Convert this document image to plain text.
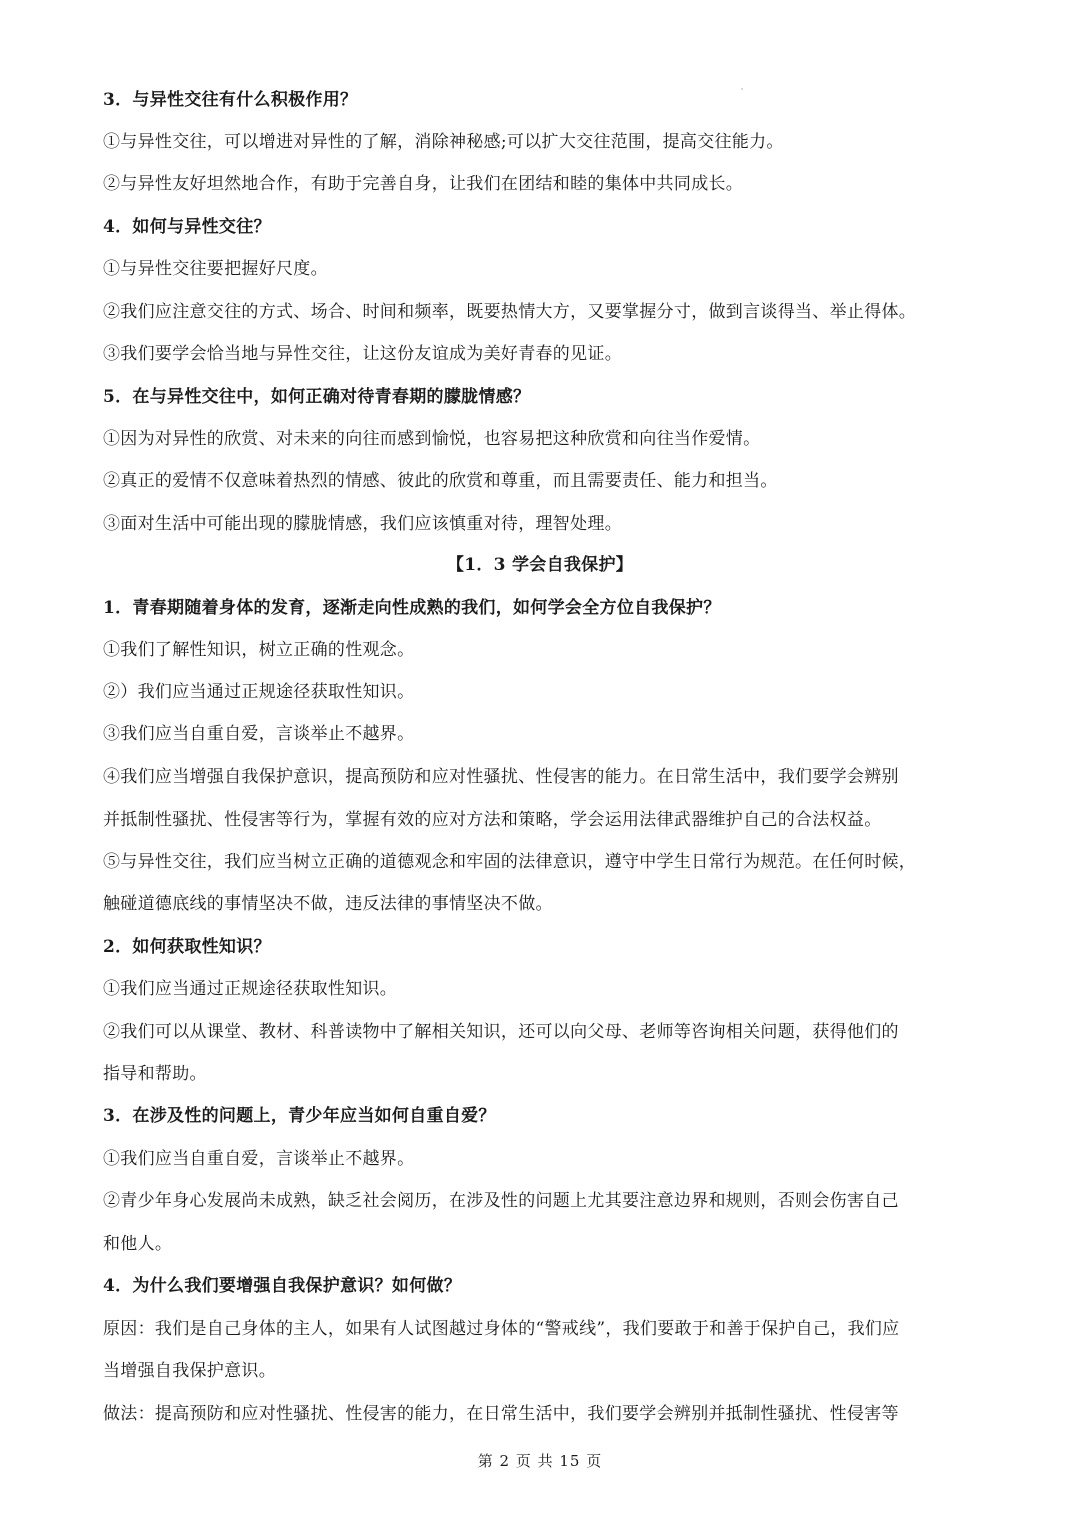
3．与异性交往有什么积极作用？
①与异性交往，可以增进对异性的了解，消除神秘感;可以扩大交往范围，提高交往能力。
②与异性友好坦然地合作，有助于完善自身，让我们在团结和睦的集体中共同成长。
4．如何与异性交往？
①与异性交往要把握好尺度。
②我们应注意交往的方式、场合、时间和频率，既要热情大方，又要掌握分寸，做到言谈得当、举止得体。
③我们要学会恰当地与异性交往，让这份友谊成为美好青春的见证。
5．在与异性交往中，如何正确对待青春期的朦胧情感？
①因为对异性的欣赏、对未来的向往而感到愉悦，也容易把这种欣赏和向往当作爱情。
②真正的爱情不仅意味着热烈的情感、彼此的欣赏和尊重，而且需要责任、能力和担当。
③面对生活中可能出现的朦胧情感，我们应该慎重对待，理智处理。
【1．3 学会自我保护】
1．青春期随着身体的发育，逐渐走向性成熟的我们，如何学会全方位自我保护？
①我们了解性知识，树立正确的性观念。
②）我们应当通过正规途径获取性知识。
③我们应当自重自爱，言谈举止不越界。
④我们应当增强自我保护意识，提高预防和应对性骚扰、性侵害的能力。在日常生活中，我们要学会辨别
并抵制性骚扰、性侵害等行为，掌握有效的应对方法和策略，学会运用法律武器维护自己的合法权益。
⑤与异性交往，我们应当树立正确的道德观念和牢固的法律意识，遵守中学生日常行为规范。在任何时候，
触碰道德底线的事情坚决不做，违反法律的事情坚决不做。
2．如何获取性知识？
①我们应当通过正规途径获取性知识。
②我们可以从课堂、教材、科普读物中了解相关知识，还可以向父母、老师等咨询相关问题，获得他们的
指导和帮助。
3．在涉及性的问题上，青少年应当如何自重自爱？
①我们应当自重自爱，言谈举止不越界。
②青少年身心发展尚未成熟，缺乏社会阅历，在涉及性的问题上尤其要注意边界和规则，否则会伤害自己
和他人。
4．为什么我们要增强自我保护意识？如何做？
原因：我们是自己身体的主人，如果有人试图越过身体的“警戒线”，我们要敢于和善于保护自己，我们应
当增强自我保护意识。
做法：提高预防和应对性骚扰、性侵害的能力，在日常生活中，我们要学会辨别并抵制性骚扰、性侵害等
第 2 页 共 15 页
